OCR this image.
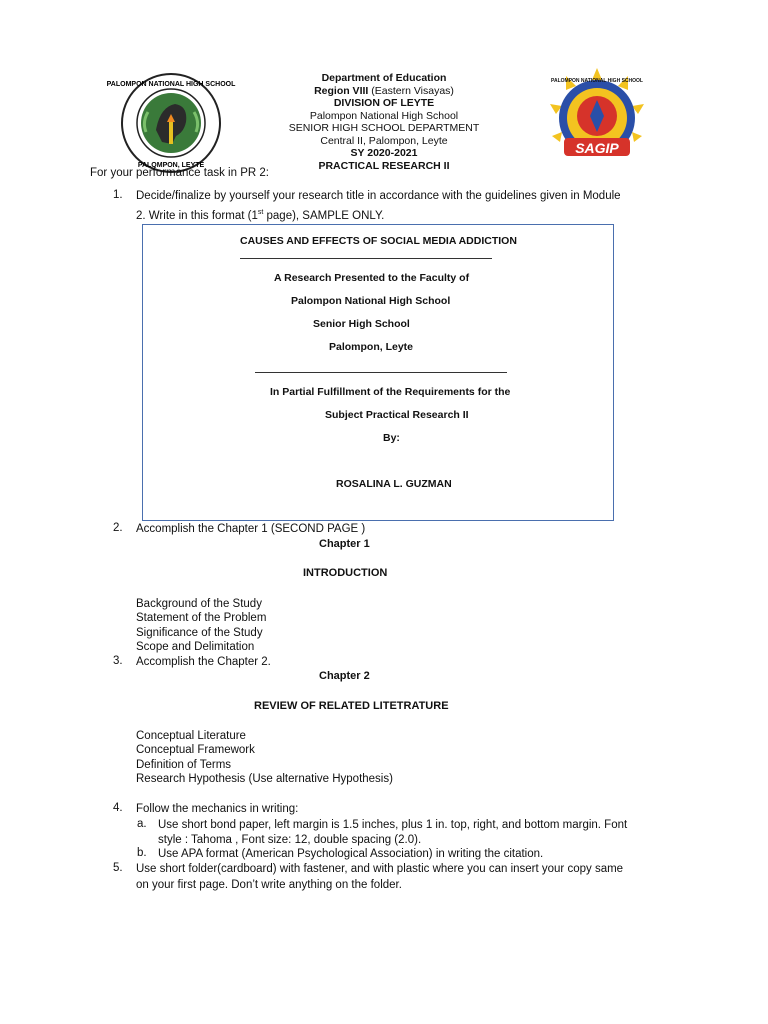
PALOMPON NATIONAL HIGH SCHOOL
PALOMPON, LEYTE
Department of Education
Region VIII (Eastern Visayas)
DIVISION OF LEYTE
Palompon National High School
SENIOR HIGH SCHOOL DEPARTMENT
Central II, Palompon, Leyte
SY 2020-2021
PRACTICAL RESEARCH II
PALOMPON NATIONAL HIGH SCHOOL
SAGIP
For your performance task in PR 2:
1. Decide/finalize by yourself your research title in accordance with the guidelines given in Module
2. Write in this format (1st page), SAMPLE ONLY.
CAUSES AND EFFECTS OF SOCIAL MEDIA ADDICTION
A Research Presented to the Faculty of
Palompon National High School
Senior High School
Palompon, Leyte
In Partial Fulfillment of the Requirements for the
Subject Practical Research II
By:
ROSALINA L. GUZMAN
2. Accomplish the Chapter 1 (SECOND PAGE )
Chapter 1
INTRODUCTION
Background of the Study
Statement of the Problem
Significance of the Study
Scope and Delimitation
3. Accomplish the Chapter 2.
Chapter 2
REVIEW OF RELATED LITETRATURE
Conceptual Literature
Conceptual Framework
Definition of Terms
Research Hypothesis (Use alternative Hypothesis)
4. Follow the mechanics in writing:
a. Use short bond paper, left margin is 1.5 inches, plus 1 in. top, right, and bottom margin. Font
style : Tahoma , Font size: 12, double spacing (2.0).
b. Use APA format (American Psychological Association) in writing the citation.
5. Use short folder(cardboard) with fastener, and with plastic where you can insert your copy same
on your first page. Don’t write anything on the folder.
